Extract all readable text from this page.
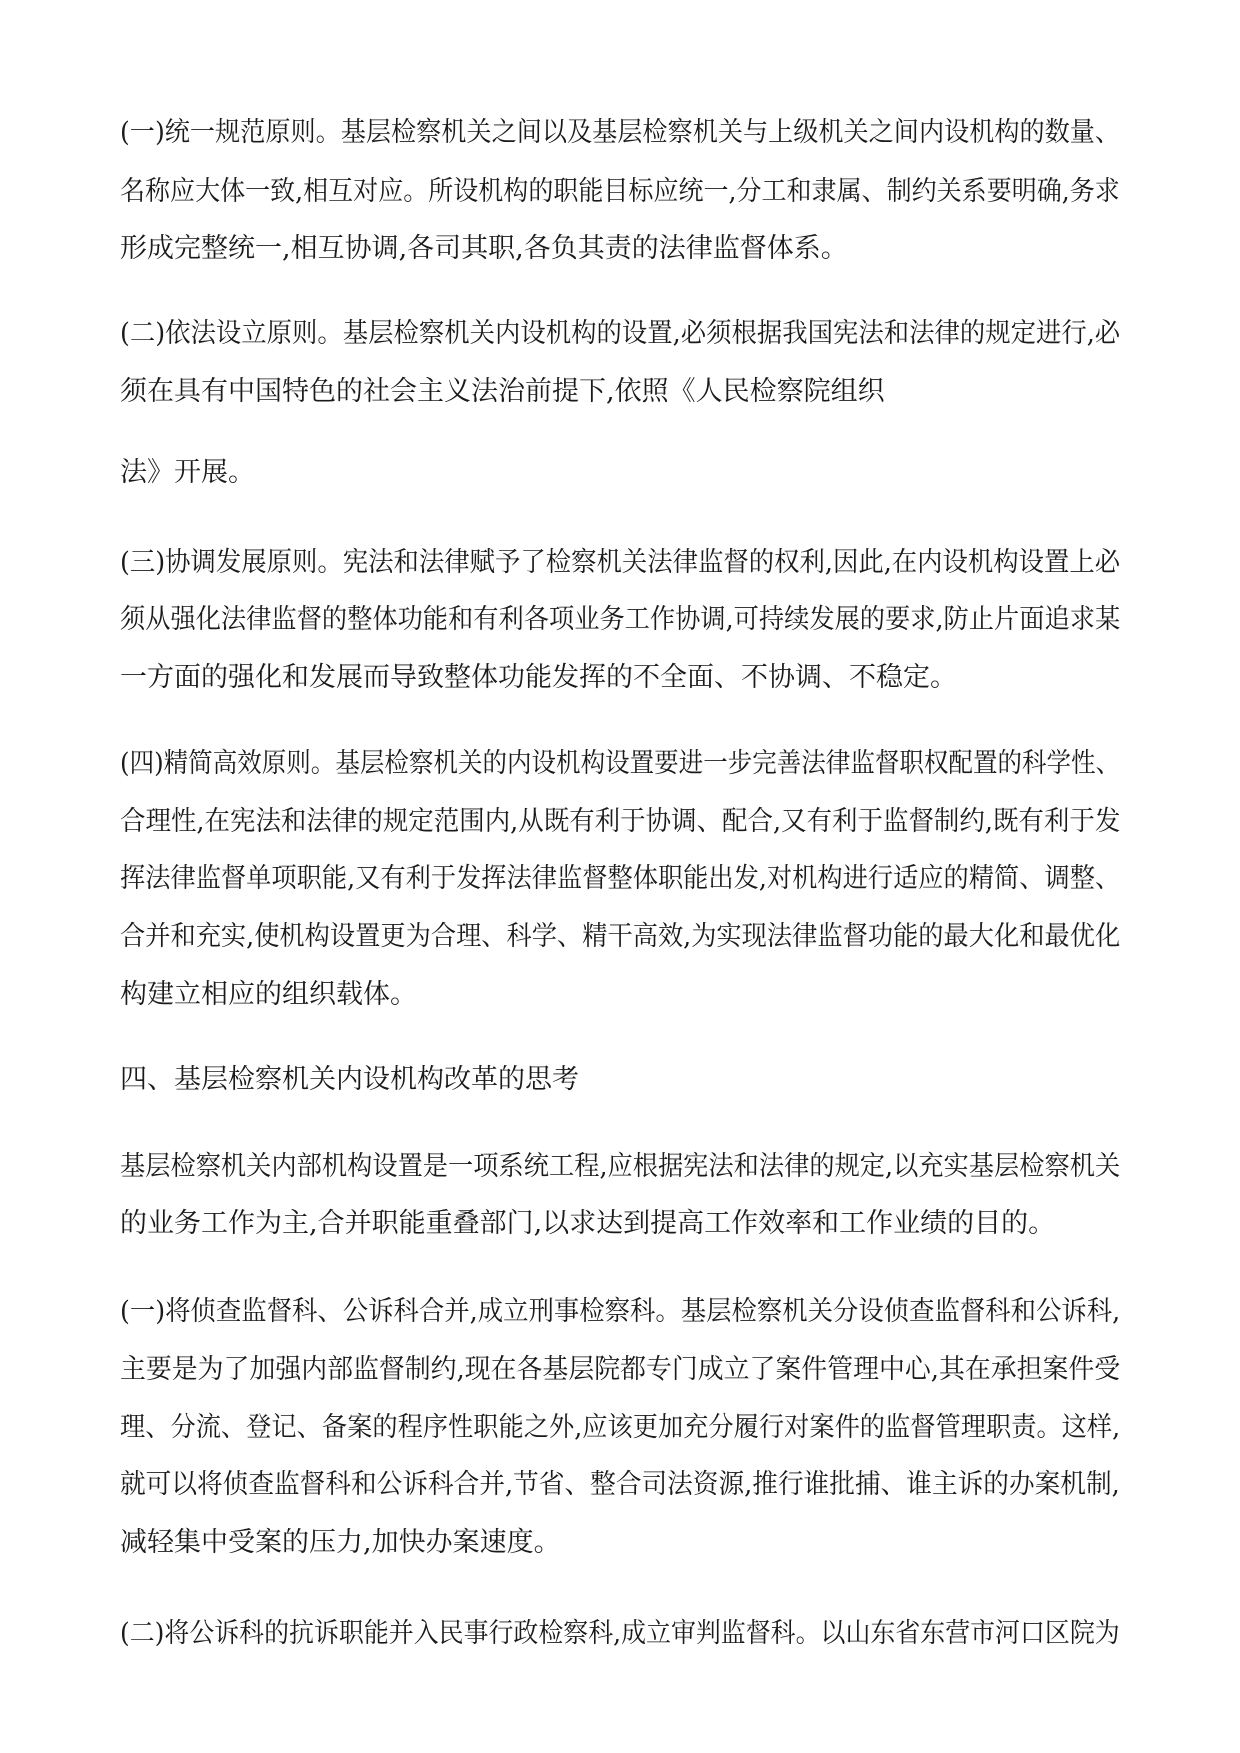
(一)统一规范原则。基层检察机关之间以及基层检察机关与上级机关之间内设机构的数量、
名称应大体一致,相互对应。所设机构的职能目标应统一,分工和隶属、制约关系要明确,务求
形成完整统一,相互协调,各司其职,各负其责的法律监督体系。
(二)依法设立原则。基层检察机关内设机构的设置,必须根据我国宪法和法律的规定进行,必
须在具有中国特色的社会主义法治前提下,依照《人民检察院组织
法》开展。
(三)协调发展原则。宪法和法律赋予了检察机关法律监督的权利,因此,在内设机构设置上必
须从强化法律监督的整体功能和有利各项业务工作协调,可持续发展的要求,防止片面追求某
一方面的强化和发展而导致整体功能发挥的不全面、不协调、不稳定。
(四)精简高效原则。基层检察机关的内设机构设置要进一步完善法律监督职权配置的科学性、
合理性,在宪法和法律的规定范围内,从既有利于协调、配合,又有利于监督制约,既有利于发
挥法律监督单项职能,又有利于发挥法律监督整体职能出发,对机构进行适应的精简、调整、
合并和充实,使机构设置更为合理、科学、精干高效,为实现法律监督功能的最大化和最优化
构建立相应的组织载体。
四、基层检察机关内设机构改革的思考
基层检察机关内部机构设置是一项系统工程,应根据宪法和法律的规定,以充实基层检察机关
的业务工作为主,合并职能重叠部门,以求达到提高工作效率和工作业绩的目的。
(一)将侦查监督科、公诉科合并,成立刑事检察科。基层检察机关分设侦查监督科和公诉科,
主要是为了加强内部监督制约,现在各基层院都专门成立了案件管理中心,其在承担案件受
理、分流、登记、备案的程序性职能之外,应该更加充分履行对案件的监督管理职责。这样,
就可以将侦查监督科和公诉科合并,节省、整合司法资源,推行谁批捕、谁主诉的办案机制,
减轻集中受案的压力,加快办案速度。
(二)将公诉科的抗诉职能并入民事行政检察科,成立审判监督科。以山东省东营市河口区院为
